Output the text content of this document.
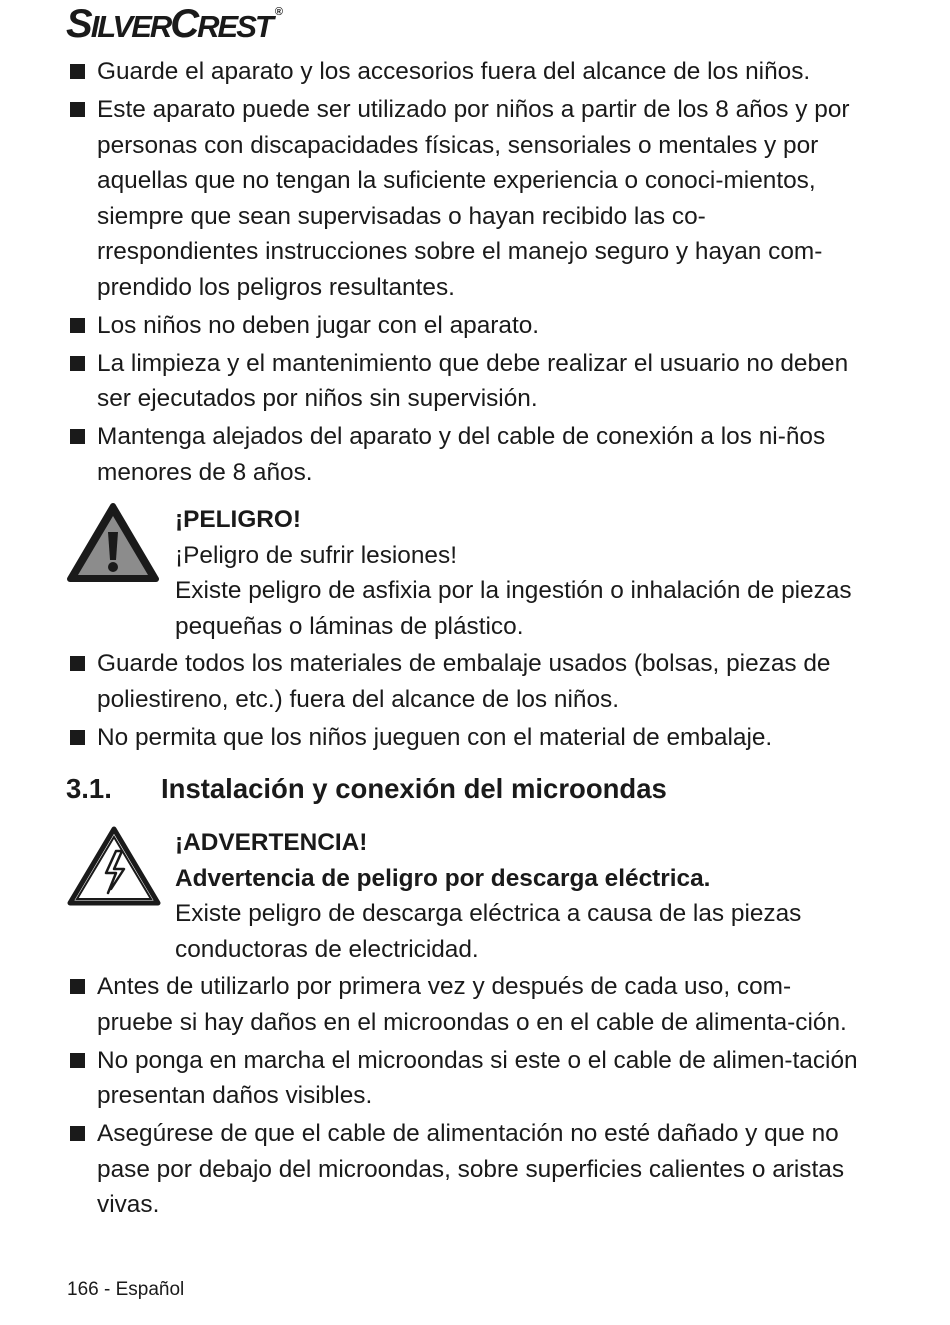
SILVERCREST ®
Guarde el aparato y los accesorios fuera del alcance de los niños.
Este aparato puede ser utilizado por niños a partir de los 8 años y por personas con discapacidades físicas, sensoriales o mentales y por aquellas que no tengan la suficiente experiencia o conoci-mientos, siempre que sean supervisadas o hayan recibido las co-rrespondientes instrucciones sobre el manejo seguro y hayan com-prendido los peligros resultantes.
Los niños no deben jugar con el aparato.
La limpieza y el mantenimiento que debe realizar el usuario no deben ser ejecutados por niños sin supervisión.
Mantenga alejados del aparato y del cable de conexión a los ni-ños menores de 8 años.
¡PELIGRO!
¡Peligro de sufrir lesiones!
Existe peligro de asfixia por la ingestión o inhalación de piezas pequeñas o láminas de plástico.
Guarde todos los materiales de embalaje usados (bolsas, piezas de poliestireno, etc.) fuera del alcance de los niños.
No permita que los niños jueguen con el material de embalaje.
3.1.	Instalación y conexión del microondas
¡ADVERTENCIA!
Advertencia de peligro por descarga eléctrica.
Existe peligro de descarga eléctrica a causa de las piezas conductoras de electricidad.
Antes de utilizarlo por primera vez y después de cada uso, com-pruebe si hay daños en el microondas o en el cable de alimenta-ción.
No ponga en marcha el microondas si este o el cable de alimen-tación presentan daños visibles.
Asegúrese de que el cable de alimentación no esté dañado y que no pase por debajo del microondas, sobre superficies calientes o aristas vivas.
166 - Español
